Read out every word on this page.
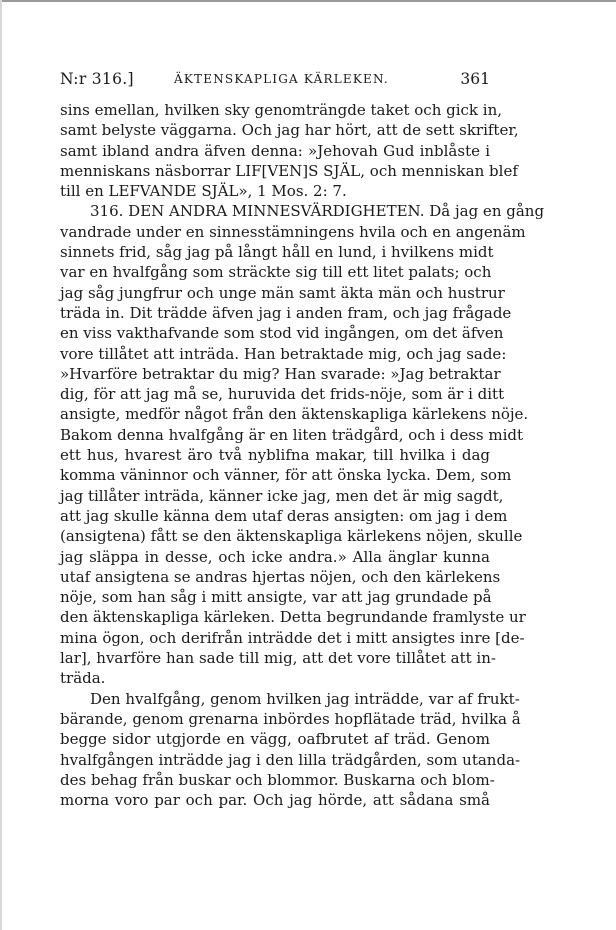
N:r 316.]	ÄKTENSKAPLIGA KÄRLEKEN.	361
sins emellan, hvilken sky genomträngde taket och gick in,
samt belyste väggarna. Och jag har hört, att de sett skrifter,
samt ibland andra äfven denna: »Jehovah Gud inblåste i
menniskans näsborrar LIF[VEN]S SJÄL, och menniskan blef
till en LEFVANDE SJÄL», 1 Mos. 2: 7.
316. DEN ANDRA MINNESVÄRDIGHETEN. Då jag en gång
vandrade under en sinnesstämningens hvila och en angenäm
sinnets frid, såg jag på långt håll en lund, i hvilkens midt
var en hvalfgång som sträckte sig till ett litet palats; och
jag såg jungfrur och unge män samt äkta män och hustrur
träda in. Dit trädde äfven jag i anden fram, och jag frågade
en viss vakthafvande som stod vid ingången, om det äfven
vore tillåtet att inträda. Han betraktade mig, och jag sade:
»Hvarföre betraktar du mig? Han svarade: »Jag betraktar
dig, för att jag må se, huruvida det frids-nöje, som är i ditt
ansigte, medför något från den äktenskapliga kärlekens nöje.
Bakom denna hvalfgång är en liten trädgård, och i dess midt
ett hus, hvarest äro två nyblifna makar, till hvilka i dag
komma väninnor och vänner, för att önska lycka. Dem, som
jag tillåter inträda, känner icke jag, men det är mig sagdt,
att jag skulle känna dem utaf deras ansigten: om jag i dem
(ansigtena) fått se den äktenskapliga kärlekens nöjen, skulle
jag släppa in desse, och icke andra.» Alla änglar kunna
utaf ansigtena se andras hjertas nöjen, och den kärlekens
nöje, som han såg i mitt ansigte, var att jag grundade på
den äktenskapliga kärleken. Detta begrundande framlyste ur
mina ögon, och derifrån inträdde det i mitt ansigtes inre [de-
lar], hvarföre han sade till mig, att det vore tillåtet att in-
träda.
Den hvalfgång, genom hvilken jag inträdde, var af frukt-
bärande, genom grenarna inbördes hopflätade träd, hvilka å
begge sidor utgjorde en vägg, oafbrutet af träd. Genom
hvalfgången inträdde jag i den lilla trädgården, som utanda-
des behag från buskar och blommor. Buskarna och blom-
morna voro par och par. Och jag hörde, att sådana små
